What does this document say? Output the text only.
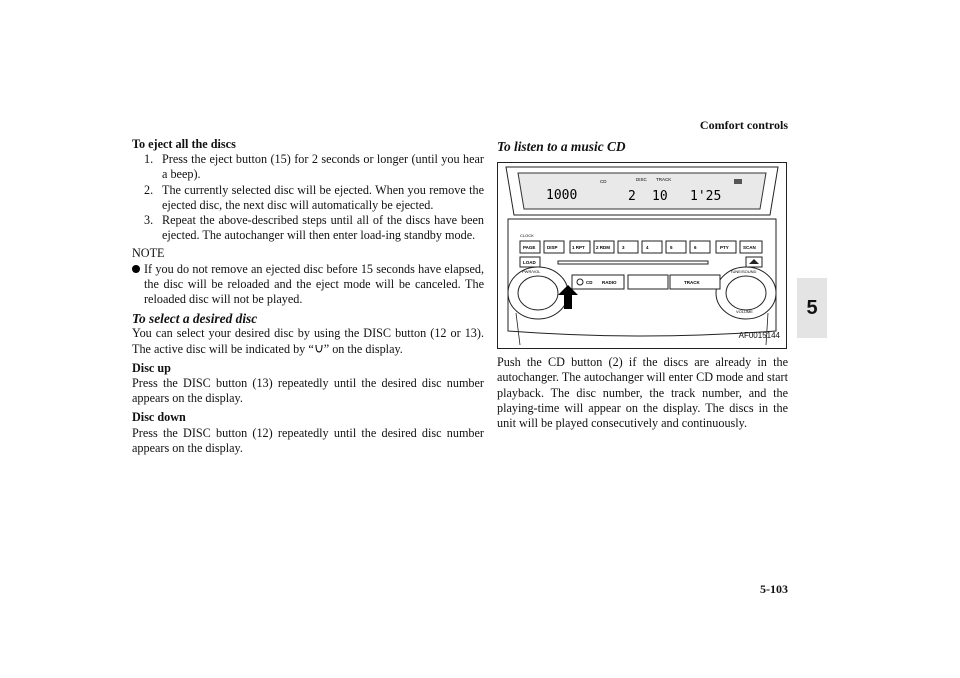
Comfort controls
5
5-103
To eject all the discs

1. Press the eject button (15) for 2 seconds or longer (until you hear a beep).

2. The currently selected disc will be ejected. When you remove the ejected disc, the next disc will automatically be ejected.

3. Repeat the above-described steps until all of the discs have been ejected. The autochanger will then enter load-ing standby mode.

NOTE
If you do not remove an ejected disc before 15 seconds have elapsed, the disc will be reloaded and the eject mode will be canceled. The reloaded disc will not be played.
To select a desired disc

You can select your desired disc by using the DISC button (12 or 13). The active disc will be indicated by “ ” on the display.

Disc up

Press the DISC button (13) repeatedly until the desired disc number appears on the display.

Disc down

Press the DISC button (12) repeatedly until the desired disc number appears on the display.

To listen to a music CD
CD	DISC TRACK
1000	2 10 1'25
CLOCK
PAGE	DISP	1 RPT 2 RDM	3	4	5	6	PTY	SCAN
LOAD
PWR/VOL	TUNE/SOUND
VOLUME
CD RADIO	TRACK
AF0015144

Push the CD button (2) if the discs are already in the autochanger. The autochanger will enter CD mode and start playback. The disc number, the track number, and the playing-time will appear on the display. The discs in the unit will be played consecutively and continuously.
